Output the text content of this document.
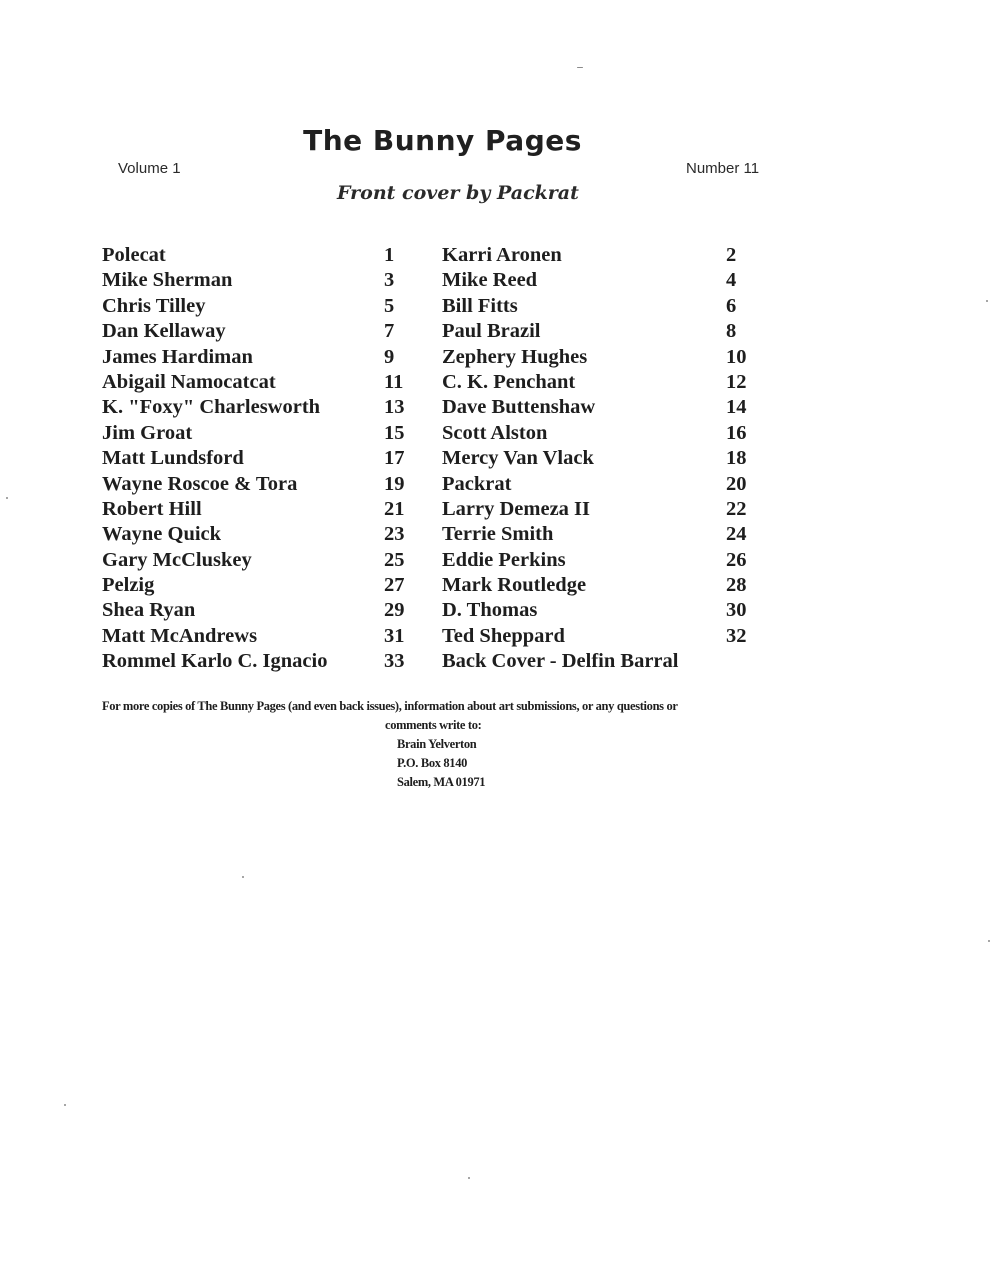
The Bunny Pages
Volume 1	Number 11
Front cover by Packrat
Polecat	1 Karri Aronen	2
Mike Sherman	3 Mike Reed	4
Chris Tilley	5 Bill Fitts	6
Dan Kellaway	7 Paul Brazil	8
James Hardiman	9 Zephery Hughes	10
Abigail Namocatcat	11 C. K. Penchant	12
K. "Foxy" Charlesworth	13 Dave Buttenshaw	14
Jim Groat	15 Scott Alston	16
Matt Lundsford	17 Mercy Van Vlack	18
Wayne Roscoe & Tora	19 Packrat	20
Robert Hill	21 Larry Demeza II	22
Wayne Quick	23 Terrie Smith	24
Gary McCluskey	25 Eddie Perkins	26
Pelzig	27 Mark Routledge	28
Shea Ryan	29 D. Thomas	30
Matt McAndrews	31 Ted Sheppard	32
Rommel Karlo C. Ignacio	33 Back Cover - Delfin Barral
For more copies of The Bunny Pages (and even back issues), information about art submissions, or any questions or
comments write to:
Brain Yelverton
P.O. Box 8140
Salem, MA 01971
